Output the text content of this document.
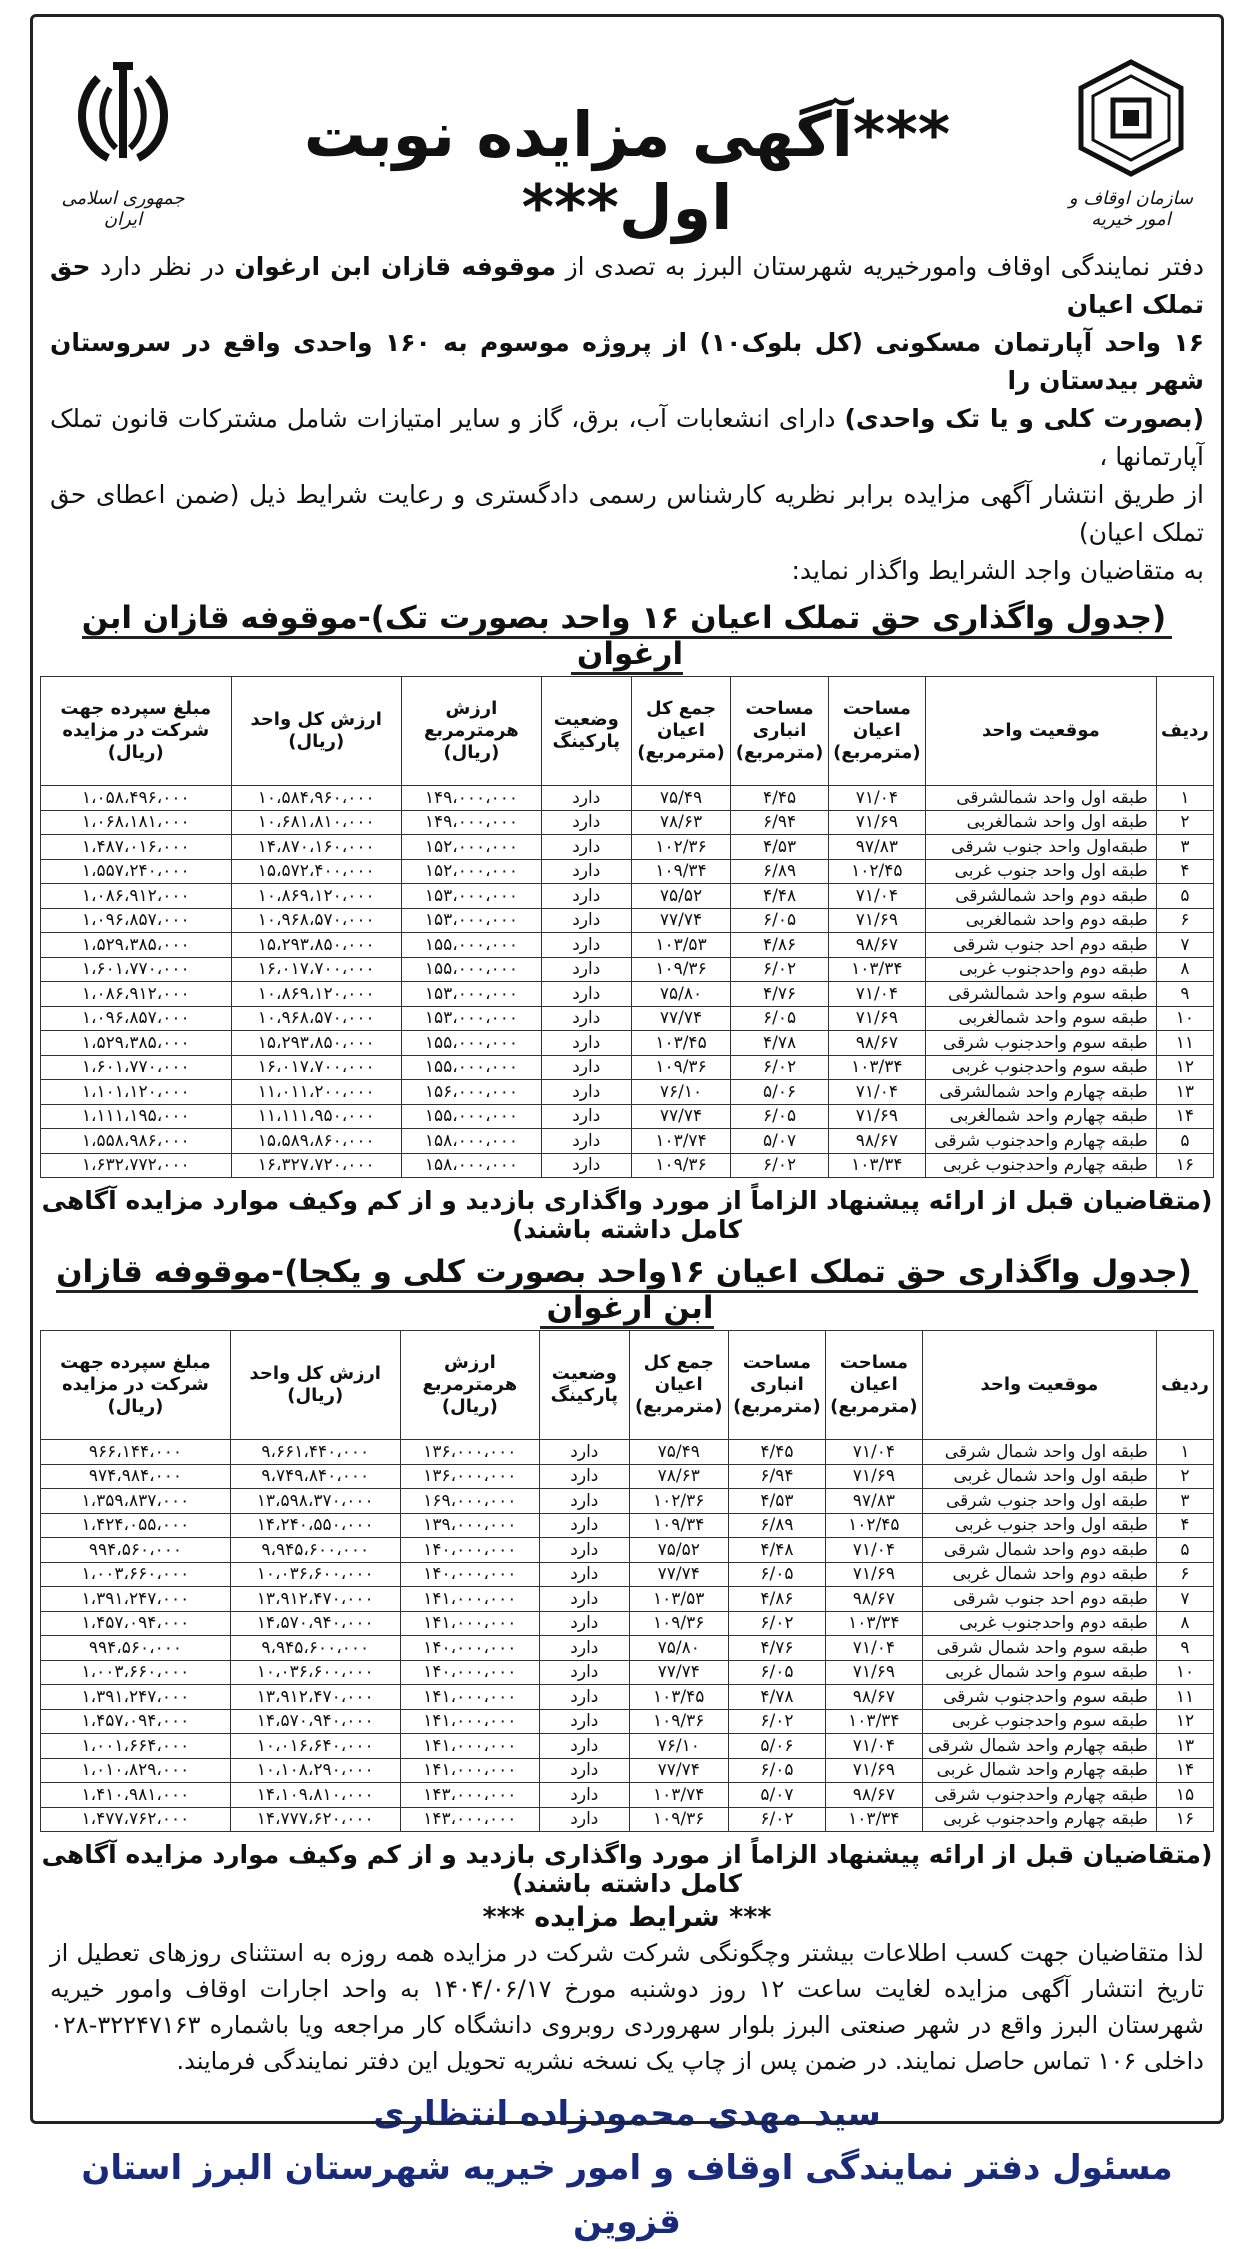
سازمان اوقاف و امور خیریه
***آگهی مزایده نوبت اول***
جمهوری اسلامی ایران
دفتر نمایندگی اوقاف وامورخیریه شهرستان البرز به تصدی از موقوفه قازان ابن ارغوان در نظر دارد حق تملک اعیان
۱۶ واحد آپارتمان مسکونی (کل بلوک۱۰) از پروژه موسوم به ۱۶۰ واحدی واقع در سروستان شهر بیدستان را
(بصورت کلی و یا تک واحدی) دارای انشعابات آب، برق، گاز و سایر امتیازات شامل مشترکات قانون تملک آپارتمانها ،
از طریق انتشار آگهی مزایده برابر نظریه کارشناس رسمی دادگستری و رعایت شرایط ذیل (ضمن اعطای حق تملک اعیان)
به متقاضیان واجد الشرایط واگذار نماید:
(جدول واگذاری حق تملک اعیان ۱۶ واحد بصورت تک)-موقوفه قازان ابن ارغوان
ردیف	موقعیت واحد	مساحت اعیان (مترمربع)	مساحت انباری (مترمربع)	جمع کل اعیان (مترمربع)	وضعیت پارکینگ	ارزش هرمترمربع (ریال)	ارزش کل واحد (ریال)	مبلغ سپرده جهت شرکت در مزایده (ریال)
۱	طبقه اول واحد شمالشرقی	۷۱/۰۴	۴/۴۵	۷۵/۴۹	دارد	۱۴۹،۰۰۰،۰۰۰	۱۰،۵۸۴،۹۶۰،۰۰۰	۱،۰۵۸،۴۹۶،۰۰۰
۲	طبقه اول واحد شمالغربی	۷۱/۶۹	۶/۹۴	۷۸/۶۳	دارد	۱۴۹،۰۰۰،۰۰۰	۱۰،۶۸۱،۸۱۰،۰۰۰	۱،۰۶۸،۱۸۱،۰۰۰
۳	طبقه‌اول واحد جنوب شرقی	۹۷/۸۳	۴/۵۳	۱۰۲/۳۶	دارد	۱۵۲،۰۰۰،۰۰۰	۱۴،۸۷۰،۱۶۰،۰۰۰	۱،۴۸۷،۰۱۶،۰۰۰
۴	طبقه اول واحد جنوب غربی	۱۰۲/۴۵	۶/۸۹	۱۰۹/۳۴	دارد	۱۵۲،۰۰۰،۰۰۰	۱۵،۵۷۲،۴۰۰،۰۰۰	۱،۵۵۷،۲۴۰،۰۰۰
۵	طبقه دوم واحد شمالشرقی	۷۱/۰۴	۴/۴۸	۷۵/۵۲	دارد	۱۵۳،۰۰۰،۰۰۰	۱۰،۸۶۹،۱۲۰،۰۰۰	۱،۰۸۶،۹۱۲،۰۰۰
۶	طبقه دوم واحد شمالغربی	۷۱/۶۹	۶/۰۵	۷۷/۷۴	دارد	۱۵۳،۰۰۰،۰۰۰	۱۰،۹۶۸،۵۷۰،۰۰۰	۱،۰۹۶،۸۵۷،۰۰۰
۷	طبقه دوم احد جنوب شرقی	۹۸/۶۷	۴/۸۶	۱۰۳/۵۳	دارد	۱۵۵،۰۰۰،۰۰۰	۱۵،۲۹۳،۸۵۰،۰۰۰	۱،۵۲۹،۳۸۵،۰۰۰
۸	طبقه دوم واحدجنوب غربی	۱۰۳/۳۴	۶/۰۲	۱۰۹/۳۶	دارد	۱۵۵،۰۰۰،۰۰۰	۱۶،۰۱۷،۷۰۰،۰۰۰	۱،۶۰۱،۷۷۰،۰۰۰
۹	طبقه سوم واحد شمالشرقی	۷۱/۰۴	۴/۷۶	۷۵/۸۰	دارد	۱۵۳،۰۰۰،۰۰۰	۱۰،۸۶۹،۱۲۰،۰۰۰	۱،۰۸۶،۹۱۲،۰۰۰
۱۰	طبقه سوم واحد شمالغربی	۷۱/۶۹	۶/۰۵	۷۷/۷۴	دارد	۱۵۳،۰۰۰،۰۰۰	۱۰،۹۶۸،۵۷۰،۰۰۰	۱،۰۹۶،۸۵۷،۰۰۰
۱۱	طبقه سوم واحدجنوب شرقی	۹۸/۶۷	۴/۷۸	۱۰۳/۴۵	دارد	۱۵۵،۰۰۰،۰۰۰	۱۵،۲۹۳،۸۵۰،۰۰۰	۱،۵۲۹،۳۸۵،۰۰۰
۱۲	طبقه سوم واحدجنوب غربی	۱۰۳/۳۴	۶/۰۲	۱۰۹/۳۶	دارد	۱۵۵،۰۰۰،۰۰۰	۱۶،۰۱۷،۷۰۰،۰۰۰	۱،۶۰۱،۷۷۰،۰۰۰
۱۳	طبقه چهارم واحد شمالشرقی	۷۱/۰۴	۵/۰۶	۷۶/۱۰	دارد	۱۵۶،۰۰۰،۰۰۰	۱۱،۰۱۱،۲۰۰،۰۰۰	۱،۱۰۱،۱۲۰،۰۰۰
۱۴	طبقه چهارم واحد شمالغربی	۷۱/۶۹	۶/۰۵	۷۷/۷۴	دارد	۱۵۵،۰۰۰،۰۰۰	۱۱،۱۱۱،۹۵۰،۰۰۰	۱،۱۱۱،۱۹۵،۰۰۰
۵	طبقه چهارم واحدجنوب شرقی	۹۸/۶۷	۵/۰۷	۱۰۳/۷۴	دارد	۱۵۸،۰۰۰،۰۰۰	۱۵،۵۸۹،۸۶۰،۰۰۰	۱،۵۵۸،۹۸۶،۰۰۰
۱۶	طبقه چهارم واحدجنوب غربی	۱۰۳/۳۴	۶/۰۲	۱۰۹/۳۶	دارد	۱۵۸،۰۰۰،۰۰۰	۱۶،۳۲۷،۷۲۰،۰۰۰	۱،۶۳۲،۷۷۲،۰۰۰
(متقاضیان قبل از ارائه پیشنهاد الزاماً از مورد واگذاری بازدید و از کم وکیف موارد مزایده آگاهی کامل داشته باشند)
(جدول واگذاری حق تملک اعیان ۱۶واحد بصورت کلی و یکجا)-موقوفه قازان ابن ارغوان
ردیف	موقعیت واحد	مساحت اعیان (مترمربع)	مساحت انباری (مترمربع)	جمع کل اعیان (مترمربع)	وضعیت پارکینگ	ارزش هرمترمربع (ریال)	ارزش کل واحد (ریال)	مبلغ سپرده جهت شرکت در مزایده (ریال)
۱	طبقه اول واحد شمال شرقی	۷۱/۰۴	۴/۴۵	۷۵/۴۹	دارد	۱۳۶،۰۰۰،۰۰۰	۹،۶۶۱،۴۴۰،۰۰۰	۹۶۶،۱۴۴،۰۰۰
۲	طبقه اول واحد شمال غربی	۷۱/۶۹	۶/۹۴	۷۸/۶۳	دارد	۱۳۶،۰۰۰،۰۰۰	۹،۷۴۹،۸۴۰،۰۰۰	۹۷۴،۹۸۴،۰۰۰
۳	طبقه اول واحد جنوب شرقی	۹۷/۸۳	۴/۵۳	۱۰۲/۳۶	دارد	۱۶۹،۰۰۰،۰۰۰	۱۳،۵۹۸،۳۷۰،۰۰۰	۱،۳۵۹،۸۳۷،۰۰۰
۴	طبقه اول واحد جنوب غربی	۱۰۲/۴۵	۶/۸۹	۱۰۹/۳۴	دارد	۱۳۹،۰۰۰،۰۰۰	۱۴،۲۴۰،۵۵۰،۰۰۰	۱،۴۲۴،۰۵۵،۰۰۰
۵	طبقه دوم واحد شمال شرقی	۷۱/۰۴	۴/۴۸	۷۵/۵۲	دارد	۱۴۰،۰۰۰،۰۰۰	۹،۹۴۵،۶۰۰،۰۰۰	۹۹۴،۵۶۰،۰۰۰
۶	طبقه دوم واحد شمال غربی	۷۱/۶۹	۶/۰۵	۷۷/۷۴	دارد	۱۴۰،۰۰۰،۰۰۰	۱۰،۰۳۶،۶۰۰،۰۰۰	۱،۰۰۳،۶۶۰،۰۰۰
۷	طبقه دوم احد جنوب شرقی	۹۸/۶۷	۴/۸۶	۱۰۳/۵۳	دارد	۱۴۱،۰۰۰،۰۰۰	۱۳،۹۱۲،۴۷۰،۰۰۰	۱،۳۹۱،۲۴۷،۰۰۰
۸	طبقه دوم واحدجنوب غربی	۱۰۳/۳۴	۶/۰۲	۱۰۹/۳۶	دارد	۱۴۱،۰۰۰،۰۰۰	۱۴،۵۷۰،۹۴۰،۰۰۰	۱،۴۵۷،۰۹۴،۰۰۰
۹	طبقه سوم واحد شمال شرقی	۷۱/۰۴	۴/۷۶	۷۵/۸۰	دارد	۱۴۰،۰۰۰،۰۰۰	۹،۹۴۵،۶۰۰،۰۰۰	۹۹۴،۵۶۰،۰۰۰
۱۰	طبقه سوم واحد شمال غربی	۷۱/۶۹	۶/۰۵	۷۷/۷۴	دارد	۱۴۰،۰۰۰،۰۰۰	۱۰،۰۳۶،۶۰۰،۰۰۰	۱،۰۰۳،۶۶۰،۰۰۰
۱۱	طبقه سوم واحدجنوب شرقی	۹۸/۶۷	۴/۷۸	۱۰۳/۴۵	دارد	۱۴۱،۰۰۰،۰۰۰	۱۳،۹۱۲،۴۷۰،۰۰۰	۱،۳۹۱،۲۴۷،۰۰۰
۱۲	طبقه سوم واحدجنوب غربی	۱۰۳/۳۴	۶/۰۲	۱۰۹/۳۶	دارد	۱۴۱،۰۰۰،۰۰۰	۱۴،۵۷۰،۹۴۰،۰۰۰	۱،۴۵۷،۰۹۴،۰۰۰
۱۳	طبقه چهارم واحد شمال شرقی	۷۱/۰۴	۵/۰۶	۷۶/۱۰	دارد	۱۴۱،۰۰۰،۰۰۰	۱۰،۰۱۶،۶۴۰،۰۰۰	۱،۰۰۱،۶۶۴،۰۰۰
۱۴	طبقه چهارم واحد شمال غربی	۷۱/۶۹	۶/۰۵	۷۷/۷۴	دارد	۱۴۱،۰۰۰،۰۰۰	۱۰،۱۰۸،۲۹۰،۰۰۰	۱،۰۱۰،۸۲۹،۰۰۰
۱۵	طبقه چهارم واحدجنوب شرقی	۹۸/۶۷	۵/۰۷	۱۰۳/۷۴	دارد	۱۴۳،۰۰۰،۰۰۰	۱۴،۱۰۹،۸۱۰،۰۰۰	۱،۴۱۰،۹۸۱،۰۰۰
۱۶	طبقه چهارم واحدجنوب غربی	۱۰۳/۳۴	۶/۰۲	۱۰۹/۳۶	دارد	۱۴۳،۰۰۰،۰۰۰	۱۴،۷۷۷،۶۲۰،۰۰۰	۱،۴۷۷،۷۶۲،۰۰۰
(متقاضیان قبل از ارائه پیشنهاد الزاماً از مورد واگذاری بازدید و از کم وکیف موارد مزایده آگاهی کامل داشته باشند)
*** شرایط مزایده ***
لذا متقاضیان جهت کسب اطلاعات بیشتر وچگونگی شرکت شرکت در مزایده همه روزه به استثنای روزهای تعطیل از تاریخ انتشار آگهی مزایده لغایت ساعت ۱۲ روز دوشنبه مورخ ۱۴۰۴/۰۶/۱۷ به واحد اجارات اوقاف وامور خیریه شهرستان البرز واقع در شهر صنعتی البرز بلوار سهروردی روبروی دانشگاه کار مراجعه ویا باشماره ۳۲۲۴۷۱۶۳-۰۲۸ داخلی ۱۰۶ تماس حاصل نمایند. در ضمن پس از چاپ یک نسخه نشریه تحویل این دفتر نمایندگی فرمایند.
سید مهدی محمودزاده انتظاری
مسئول دفتر نمایندگی اوقاف و امور خیریه شهرستان البرز استان قزوین
